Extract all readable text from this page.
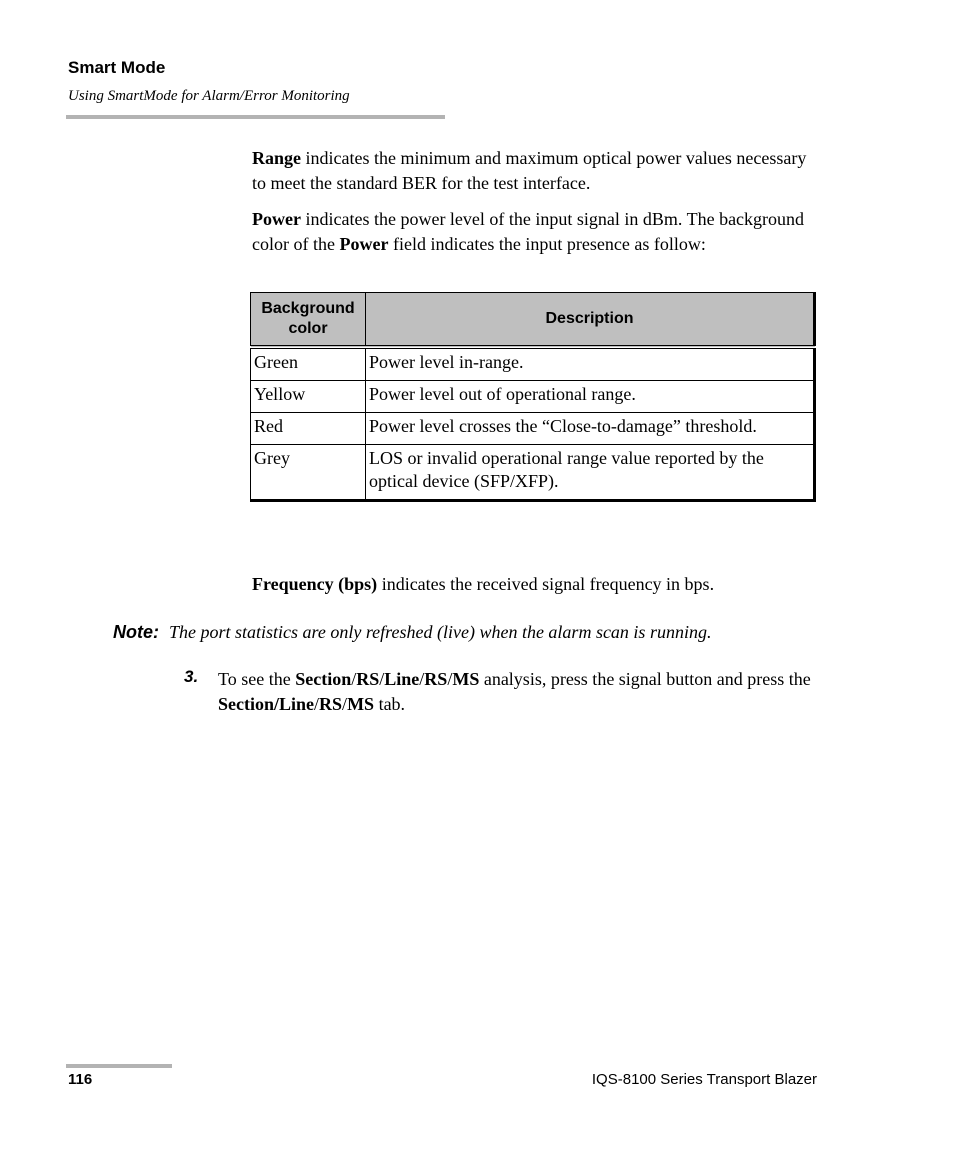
Smart Mode
Using SmartMode for Alarm/Error Monitoring

Range indicates the minimum and maximum optical power values necessary to meet the standard BER for the test interface.

Power indicates the power level of the input signal in dBm. The background color of the Power field indicates the input presence as follow:

Background color	Description
Green	Power level in-range.
Yellow	Power level out of operational range.
Red	Power level crosses the “Close-to-damage” threshold.
Grey	LOS or invalid operational range value reported by the optical device (SFP/XFP).

Frequency (bps) indicates the received signal frequency in bps.

Note: The port statistics are only refreshed (live) when the alarm scan is running.
3. To see the Section/RS/Line/RS/MS analysis, press the signal button and press the Section/Line/RS/MS tab.

116	IQS-8100 Series Transport Blazer
